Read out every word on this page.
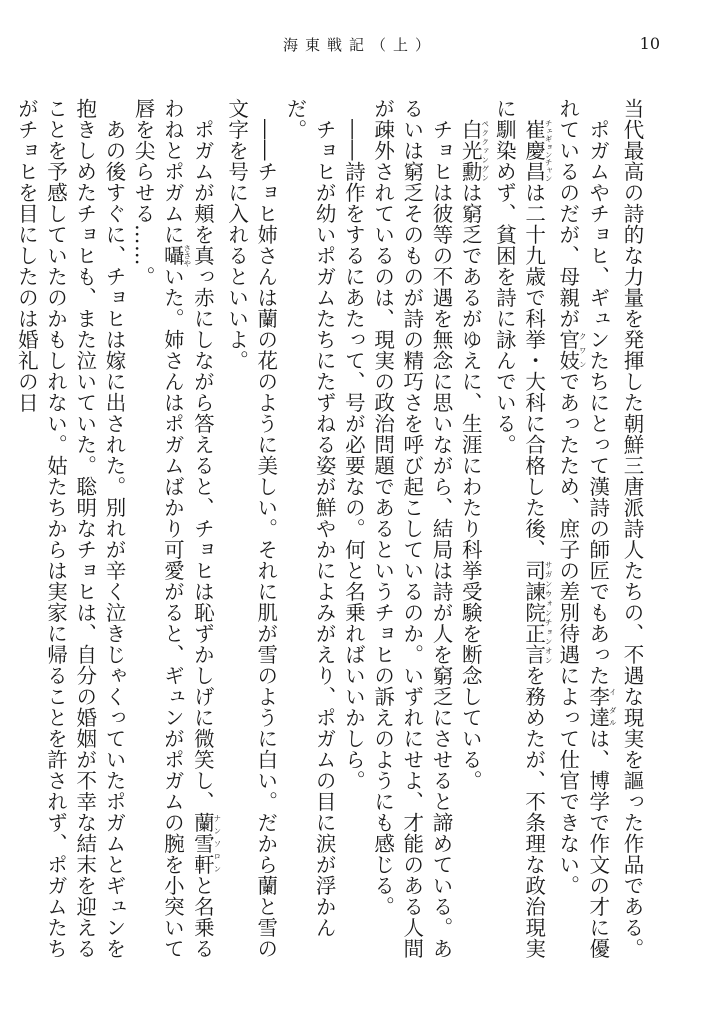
海東戦記（上）	10

当代最高の詩的な力量を発揮した朝鮮三唐派詩人たちの、不遇な現実を謳った作品である。

ポガムやチョヒ、ギュンたちにとって漢詩の師匠でもあった李達イ ダルは、博学で作文の才に優れているのだが、母親が官妓クワンであったため、庶子の差別待遇によって仕官できない。

崔慶昌チェギョンチャンは二十九歳で科挙・大科に合格した後、司諫院正言サガンウォンチョンオンを務めたが、不条理な政治現実に馴染めず、貧困を詩に詠んでいる。

白光勳ペククァングンは窮乏であるがゆえに、生涯にわたり科挙受験を断念している。

チョヒは彼等の不遇を無念に思いながら、結局は詩が人を窮乏にさせると諦めている。あるいは窮乏そのものが詩の精巧さを呼び起こしているのか。いずれにせよ、才能のある人間が疎外されているのは、現実の政治問題であるというチョヒの訴えのようにも感じる。

――詩作をするにあたって、号が必要なの。何と名乗ればいいかしら。

チョヒが幼いポガムたちにたずねる姿が鮮やかによみがえり、ポガムの目に涙が浮かんだ。

――チョヒ姉さんは蘭の花のように美しい。それに肌が雪のように白い。だから蘭と雪の文字を号に入れるといいよ。

ポガムが頬を真っ赤にしながら答えると、チョヒは恥ずかしげに微笑し、蘭雪軒ナンソロンと名乗るわねとポガムに囁ささやいた。姉さんはポガムばかり可愛がると、ギュンがポガムの腕を小突いて唇を尖らせる……。

あの後すぐに、チョヒは嫁に出された。別れが辛く泣きじゃくっていたポガムとギュンを抱きしめたチョヒも、また泣いていた。聡明なチョヒは、自分の婚姻が不幸な結末を迎えることを予感していたのかもしれない。姑たちからは実家に帰ることを許されず、ポガムたちがチョヒを目にしたのは婚礼の日
